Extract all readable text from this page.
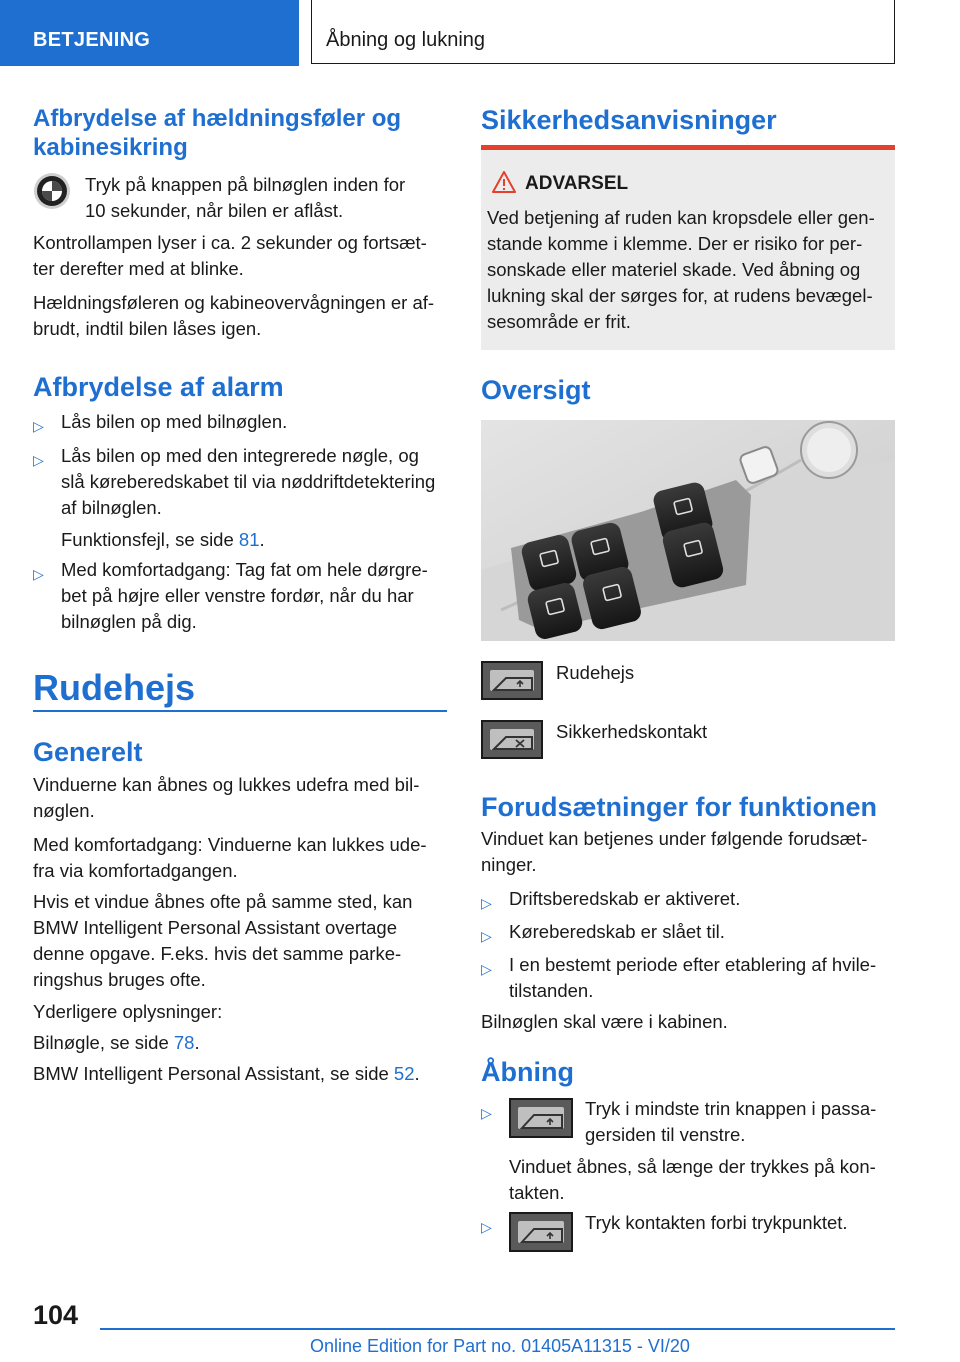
BETJENING	Åbning og lukning
Afbrydelse af hældningsføler og kabinesikring
Tryk på knappen på bilnøglen inden for
10 sekunder, når bilen er aflåst.
Kontrollampen lyser i ca. 2 sekunder og fortsæt-
ter derefter med at blinke.
Hældningsføleren og kabineovervågningen er af-
brudt, indtil bilen låses igen.
Afbrydelse af alarm
▷ Lås bilen op med bilnøglen.
▷ Lås bilen op med den integrerede nøgle, og
slå køreberedskabet til via nøddriftdetektering
af bilnøglen.
Funktionsfejl, se side 81.
▷ Med komfortadgang: Tag fat om hele dørgre-
bet på højre eller venstre fordør, når du har
bilnøglen på dig.
Rudehejs
Generelt
Vinduerne kan åbnes og lukkes udefra med bil-
nøglen.
Med komfortadgang: Vinduerne kan lukkes ude-
fra via komfortadgangen.
Hvis et vindue åbnes ofte på samme sted, kan
BMW Intelligent Personal Assistant overtage
denne opgave. F.eks. hvis det samme parke-
ringshus bruges ofte.
Yderligere oplysninger:
Bilnøgle, se side 78.
BMW Intelligent Personal Assistant, se side 52.
Sikkerhedsanvisninger
ADVARSEL
Ved betjening af ruden kan kropsdele eller gen-
stande komme i klemme. Der er risiko for per-
sonskade eller materiel skade. Ved åbning og
lukning skal der sørges for, at rudens bevægel-
sesområde er frit.
Oversigt
Rudehejs
Sikkerhedskontakt
Forudsætninger for funktionen
Vinduet kan betjenes under følgende forudsæt-
ninger.
▷ Driftsberedskab er aktiveret.
▷ Køreberedskab er slået til.
▷ I en bestemt periode efter etablering af hvile-
tilstanden.
Bilnøglen skal være i kabinen.
Åbning
▷	Tryk i mindste trin knappen i passa-
gersiden til venstre.
Vinduet åbnes, så længe der trykkes på kon-
takten.
▷	Tryk kontakten forbi trykpunktet.
104
Online Edition for Part no. 01405A11315 - VI/20
